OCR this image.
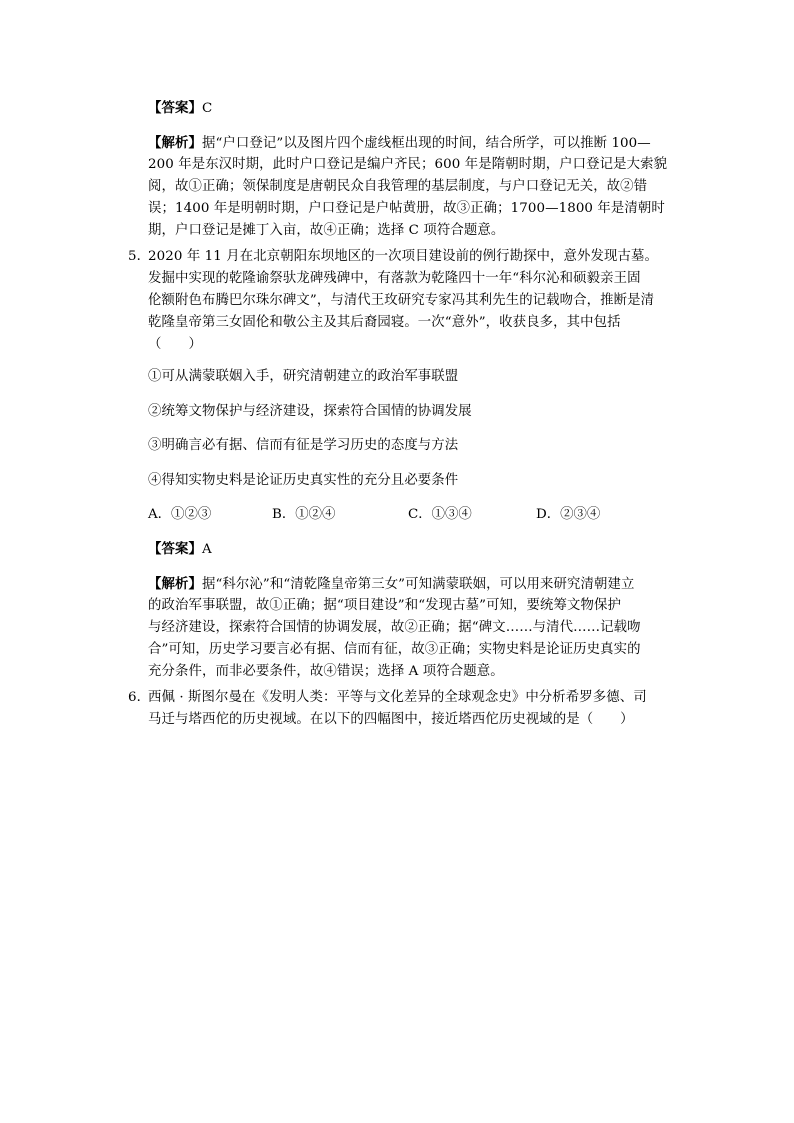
【答案】C
【解析】据“户口登记”以及图片四个虚线框出现的时间，结合所学，可以推断 100—
200 年是东汉时期，此时户口登记是编户齐民；600 年是隋朝时期，户口登记是大索貌
阅，故①正确；领保制度是唐朝民众自我管理的基层制度，与户口登记无关，故②错
误；1400 年是明朝时期，户口登记是户帖黄册，故③正确；1700—1800 年是清朝时
期，户口登记是摊丁入亩，故④正确；选择 C 项符合题意。
5．
2020 年 11 月在北京朝阳东坝地区的一次项目建设前的例行勘探中，意外发现古墓。
发掘中实现的乾隆谕祭驮龙碑残碑中，有落款为乾隆四十一年“科尔沁和硕毅亲王固
伦额附色布腾巴尔珠尔碑文”，与清代王玫研究专家冯其利先生的记载吻合，推断是清
乾隆皇帝第三女固伦和敬公主及其后裔园寝。一次“意外”，收获良多，其中包括
（　　）
①可从满蒙联姻入手，研究清朝建立的政治军事联盟
②统筹文物保护与经济建设，探索符合国情的协调发展
③明确言必有据、信而有征是学习历史的态度与方法
④得知实物史料是论证历史真实性的充分且必要条件
A．①②③	B．①②④	C．①③④	D．②③④
【答案】A
【解析】据“科尔沁”和“清乾隆皇帝第三女”可知满蒙联姻，可以用来研究清朝建立
的政治军事联盟，故①正确；据“项目建设”和“发现古墓”可知，要统筹文物保护
与经济建设，探索符合国情的协调发展，故②正确；据“碑文……与清代……记载吻
合”可知，历史学习要言必有据、信而有征，故③正确；实物史料是论证历史真实的
充分条件，而非必要条件，故④错误；选择 A 项符合题意。
6．
西佩 · 斯图尔曼在《发明人类：平等与文化差异的全球观念史》中分析希罗多德、司
马迁与塔西佗的历史视域。在以下的四幅图中，接近塔西佗历史视域的是（　　）
